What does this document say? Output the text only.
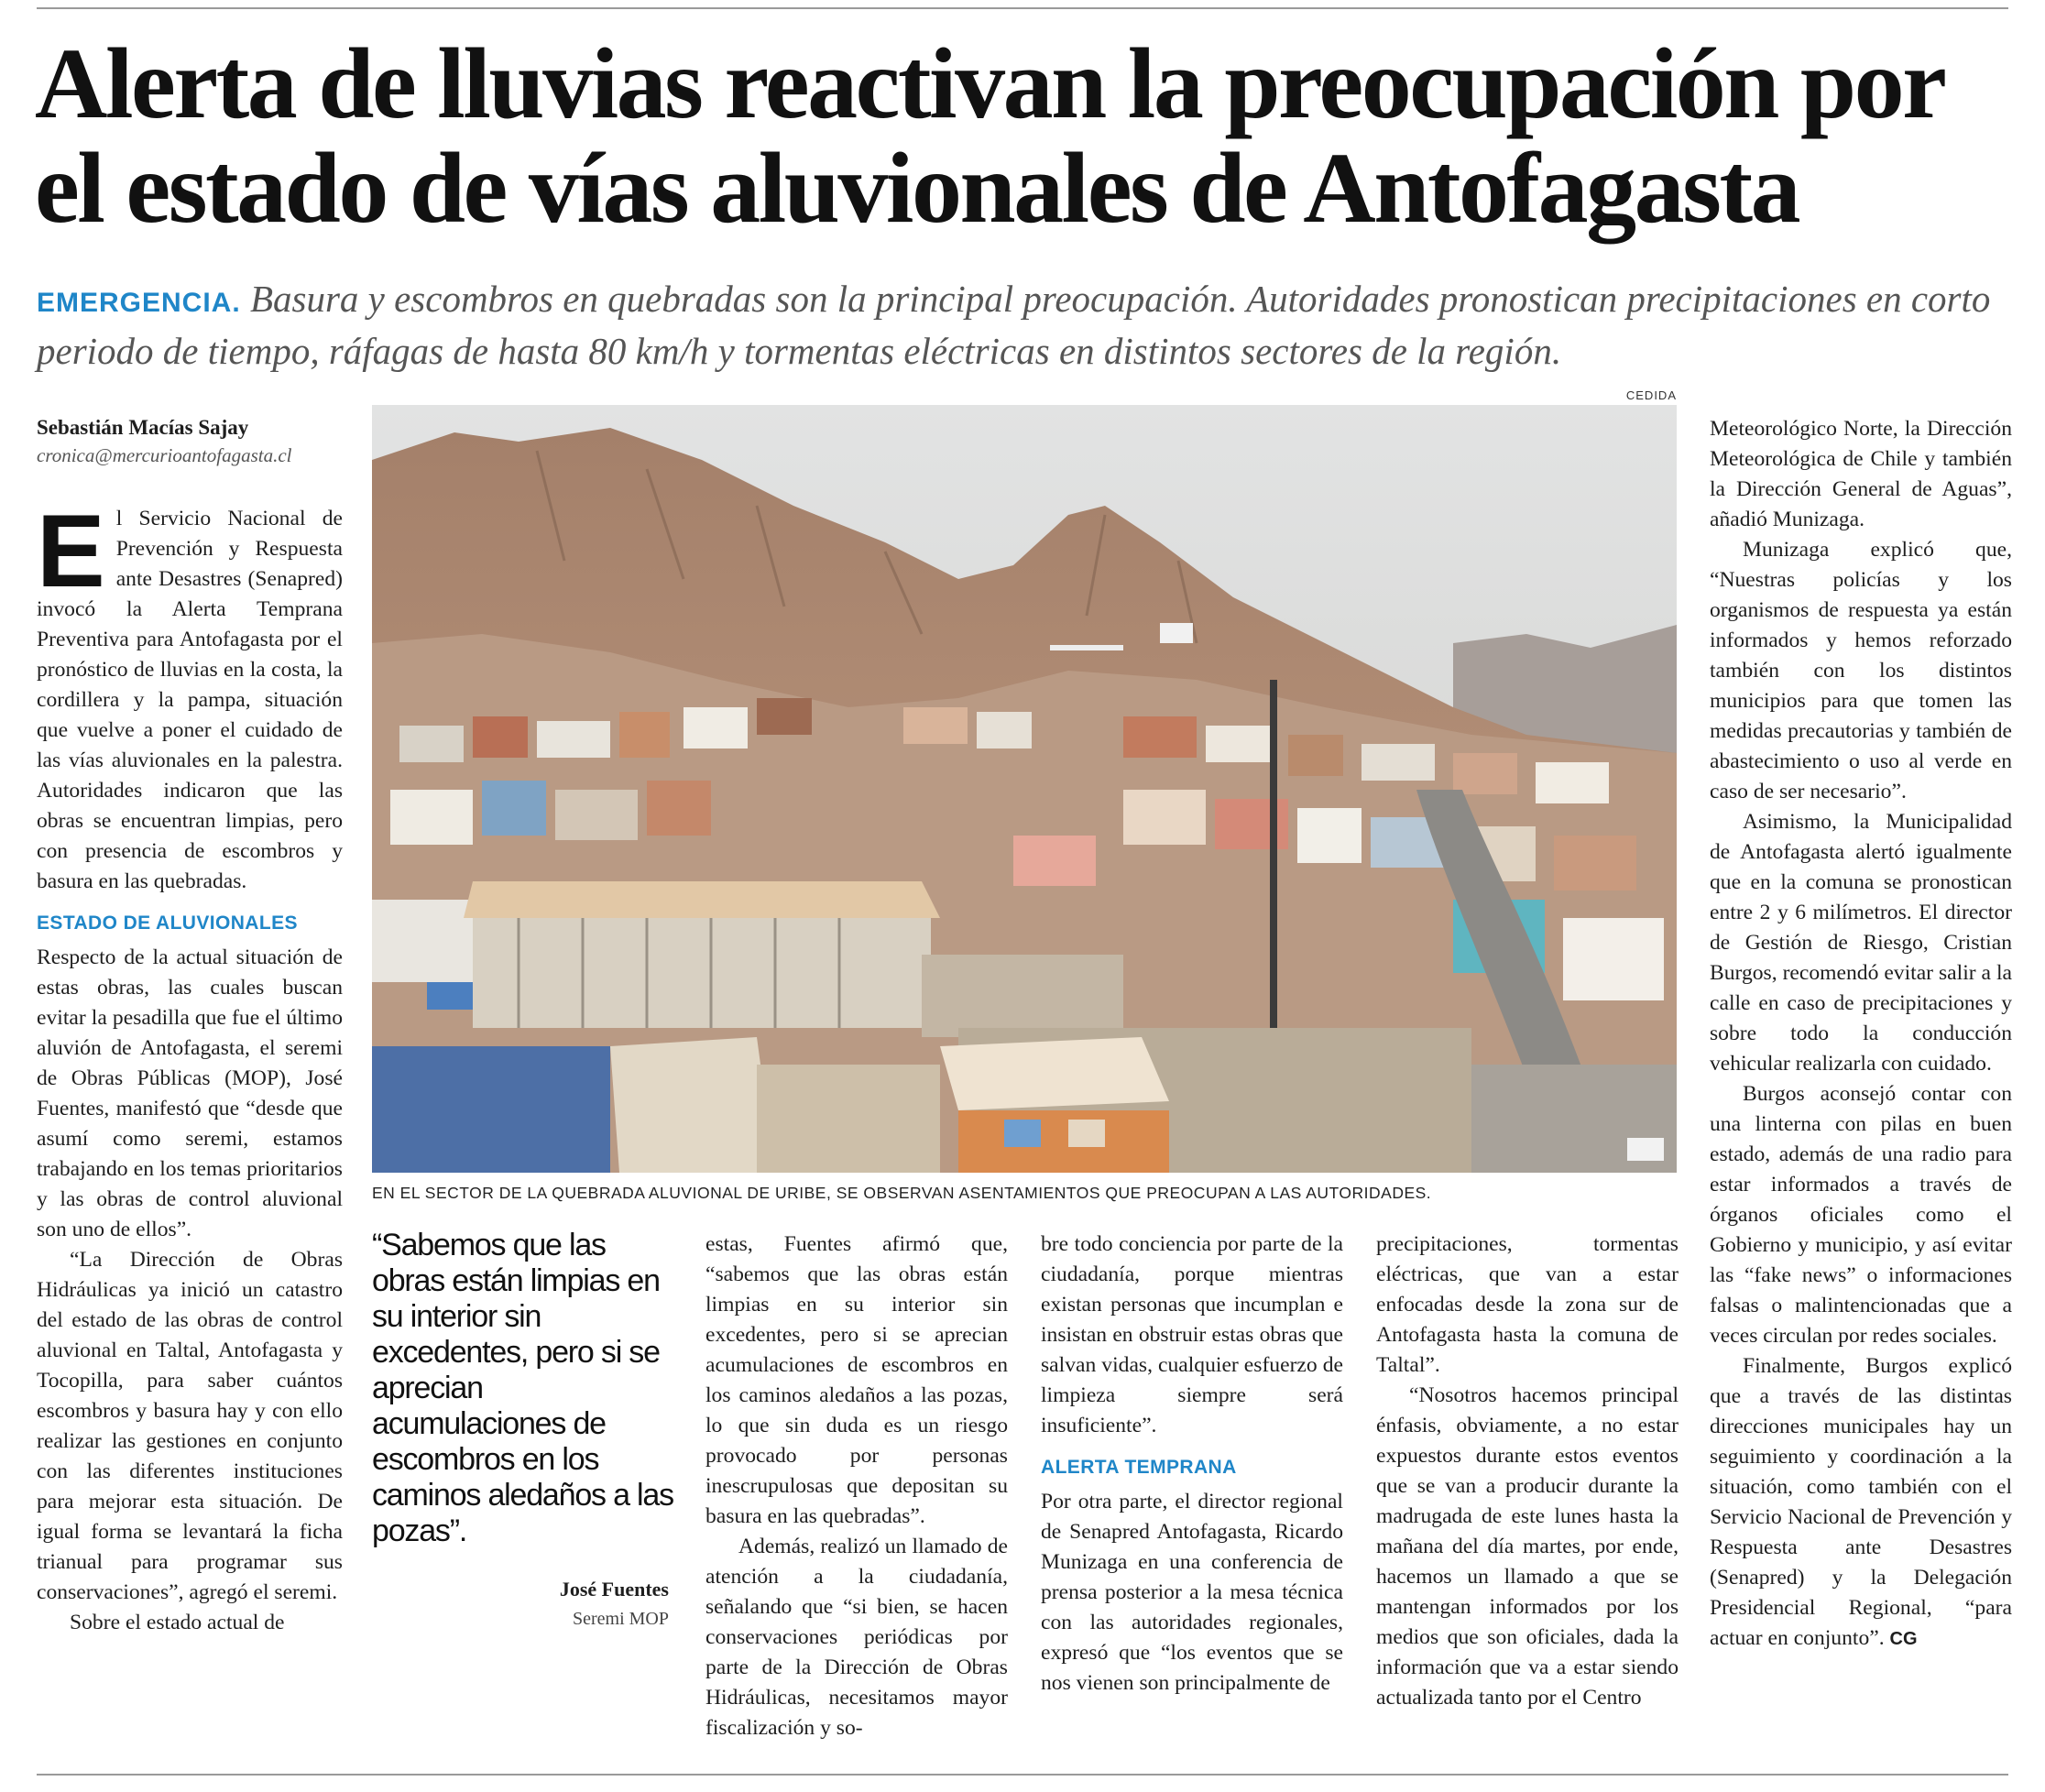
Alerta de lluvias reactivan la preocupación por el estado de vías aluvionales de Antofagasta

EMERGENCIA. Basura y escombros en quebradas son la principal preocupación. Autoridades pronostican precipitaciones en corto periodo de tiempo, ráfagas de hasta 80 km/h y tormentas eléctricas en distintos sectores de la región.

Sebastián Macías Sajay
cronica@mercurioantofagasta.cl
CEDIDA
EN EL SECTOR DE LA QUEBRADA ALUVIONAL DE URIBE, SE OBSERVAN ASENTAMIENTOS QUE PREOCUPAN A LAS AUTORIDADES.

El Servicio Nacional de Prevención y Respuesta ante Desastres (Senapred) invocó la Alerta Temprana Preventiva para Antofagasta por el pronóstico de lluvias en la costa, la cordillera y la pampa, situación que vuelve a poner el cuidado de las vías aluvionales en la palestra. Autoridades indicaron que las obras se encuentran limpias, pero con presencia de escombros y basura en las quebradas.

ESTADO DE ALUVIONALES

Respecto de la actual situación de estas obras, las cuales buscan evitar la pesadilla que fue el último aluvión de Antofagasta, el seremi de Obras Públicas (MOP), José Fuentes, manifestó que “desde que asumí como seremi, estamos trabajando en los temas prioritarios y las obras de control aluvional son uno de ellos”.

“La Dirección de Obras Hidráulicas ya inició un catastro del estado de las obras de control aluvional en Taltal, Antofagasta y Tocopilla, para saber cuántos escombros y basura hay y con ello realizar las gestiones en conjunto con las diferentes instituciones para mejorar esta situación. De igual forma se levantará la ficha trianual para programar sus conservaciones”, agregó el seremi.

Sobre el estado actual de

“Sabemos que las obras están limpias en su interior sin excedentes, pero si se aprecian acumulaciones de escombros en los caminos aledaños a las pozas”.

José Fuentes
Seremi MOP

estas, Fuentes afirmó que, “sabemos que las obras están limpias en su interior sin excedentes, pero si se aprecian acumulaciones de escombros en los caminos aledaños a las pozas, lo que sin duda es un riesgo provocado por personas inescrupulosas que depositan su basura en las quebradas”.

Además, realizó un llamado de atención a la ciudadanía, señalando que “si bien, se hacen conservaciones periódicas por parte de la Dirección de Obras Hidráulicas, necesitamos mayor fiscalización y so-

bre todo conciencia por parte de la ciudadanía, porque mientras existan personas que incumplan e insistan en obstruir estas obras que salvan vidas, cualquier esfuerzo de limpieza siempre será insuficiente”.

ALERTA TEMPRANA

Por otra parte, el director regional de Senapred Antofagasta, Ricardo Munizaga en una conferencia de prensa posterior a la mesa técnica con las autoridades regionales, expresó que “los eventos que se nos vienen son principalmente de

precipitaciones, tormentas eléctricas, que van a estar enfocadas desde la zona sur de Antofagasta hasta la comuna de Taltal”.

“Nosotros hacemos principal énfasis, obviamente, a no estar expuestos durante estos eventos que se van a producir durante la madrugada de este lunes hasta la mañana del día martes, por ende, hacemos un llamado a que se mantengan informados por los medios que son oficiales, dada la información que va a estar siendo actualizada tanto por el Centro

Meteorológico Norte, la Dirección Meteorológica de Chile y también la Dirección General de Aguas”, añadió Munizaga.

Munizaga explicó que, “Nuestras policías y los organismos de respuesta ya están informados y hemos reforzado también con los distintos municipios para que tomen las medidas precautorias y también de abastecimiento o uso al verde en caso de ser necesario”.

Asimismo, la Municipalidad de Antofagasta alertó igualmente que en la comuna se pronostican entre 2 y 6 milímetros. El director de Gestión de Riesgo, Cristian Burgos, recomendó evitar salir a la calle en caso de precipitaciones y sobre todo la conducción vehicular realizarla con cuidado.

Burgos aconsejó contar con una linterna con pilas en buen estado, además de una radio para estar informados a través de órganos oficiales como el Gobierno y municipio, y así evitar las “fake news” o informaciones falsas o malintencionadas que a veces circulan por redes sociales.

Finalmente, Burgos explicó que a través de las distintas direcciones municipales hay un seguimiento y coordinación a la situación, como también con el Servicio Nacional de Prevención y Respuesta ante Desastres (Senapred) y la Delegación Presidencial Regional, “para actuar en conjunto”. CG
